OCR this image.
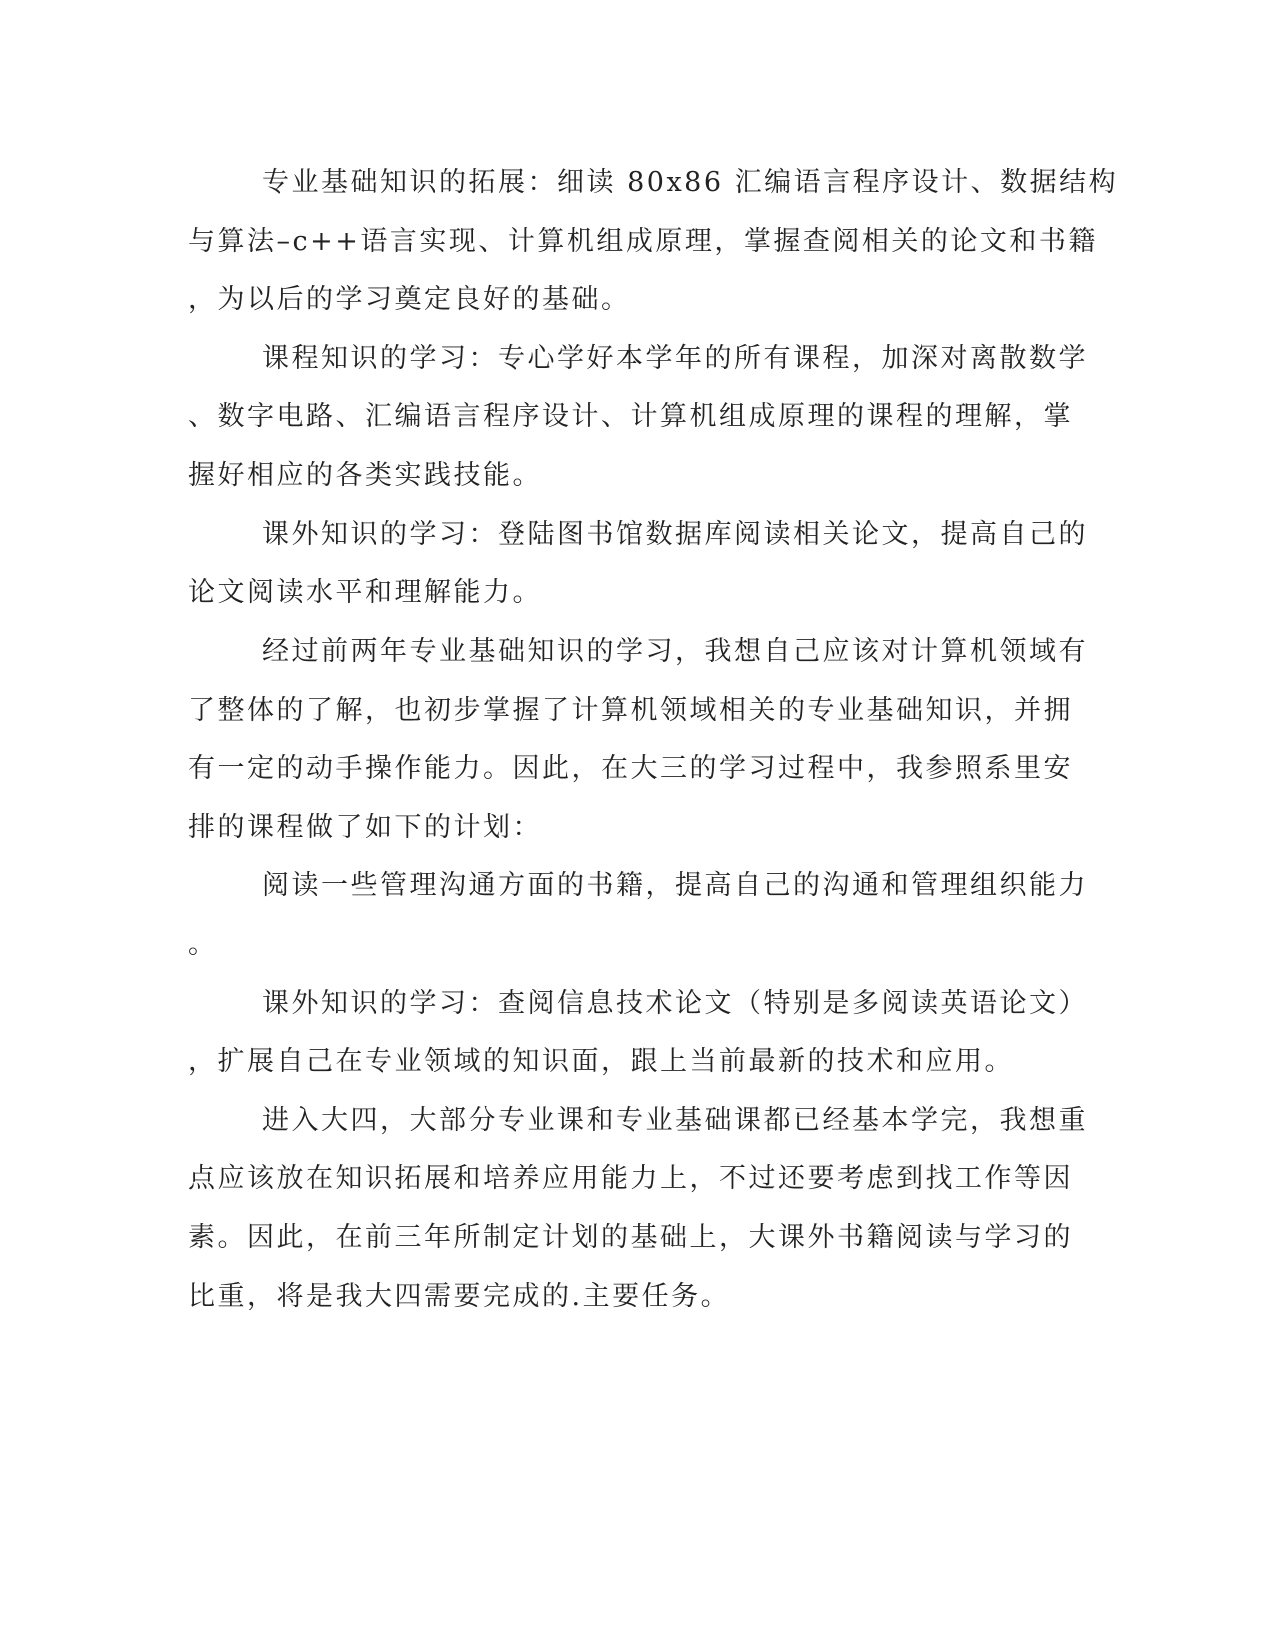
专业基础知识的拓展：细读 80x86 汇编语言程序设计、数据结构

与算法–c++语言实现、计算机组成原理，掌握查阅相关的论文和书籍

，为以后的学习奠定良好的基础。

课程知识的学习：专心学好本学年的所有课程，加深对离散数学

、数字电路、汇编语言程序设计、计算机组成原理的课程的理解，掌

握好相应的各类实践技能。

课外知识的学习：登陆图书馆数据库阅读相关论文，提高自己的

论文阅读水平和理解能力。

经过前两年专业基础知识的学习，我想自己应该对计算机领域有

了整体的了解，也初步掌握了计算机领域相关的专业基础知识，并拥

有一定的动手操作能力。因此，在大三的学习过程中，我参照系里安

排的课程做了如下的计划：

阅读一些管理沟通方面的书籍，提高自己的沟通和管理组织能力

。

课外知识的学习：查阅信息技术论文（特别是多阅读英语论文）

，扩展自己在专业领域的知识面，跟上当前最新的技术和应用。

进入大四，大部分专业课和专业基础课都已经基本学完，我想重

点应该放在知识拓展和培养应用能力上，不过还要考虑到找工作等因

素。因此，在前三年所制定计划的基础上，大课外书籍阅读与学习的

比重，将是我大四需要完成的.主要任务。
